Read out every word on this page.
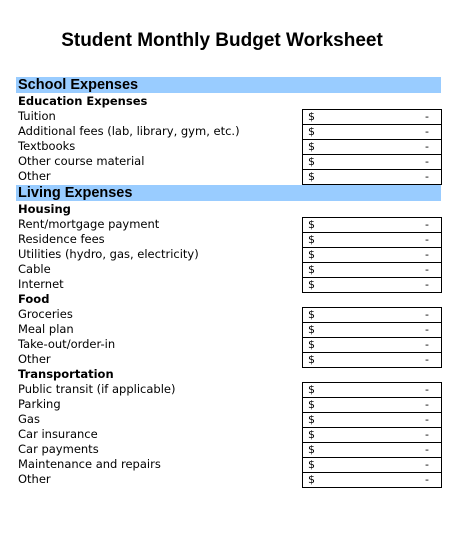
Student Monthly Budget Worksheet
School Expenses
Education Expenses
Tuition	$	-
Additional fees (lab, library, gym, etc.)	$	-
Textbooks	$	-
Other course material	$	-
Other	$	-
Living Expenses
Housing
Rent/mortgage payment	$	-
Residence fees	$	-
Utilities (hydro, gas, electricity)	$	-
Cable	$	-
Internet	$	-
Food
Groceries	$	-
Meal plan	$	-
Take-out/order-in	$	-
Other	$	-
Transportation
Public transit (if applicable)	$	-
Parking	$	-
Gas	$	-
Car insurance	$	-
Car payments	$	-
Maintenance and repairs	$	-
Other	$	-
